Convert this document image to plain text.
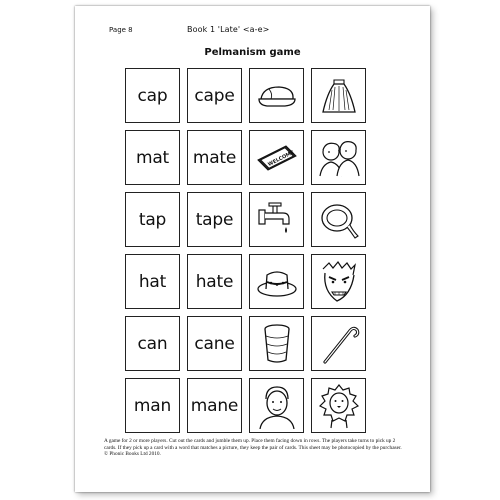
Page 8	Book 1 'Late' <a-e>
Pelmanism game
cap cape
mat mate	WELCOME
tap tape
hat hate
can cane
man mane
A game for 2 or more players. Cut out the cards and jumble them up. Place them facing down in rows. The players take turns to pick up 2 cards. If they pick up a card with a word that matches a picture, they keep the pair of cards. This sheet may be photocopied by the purchaser. © Phonic Books Ltd 2010.
